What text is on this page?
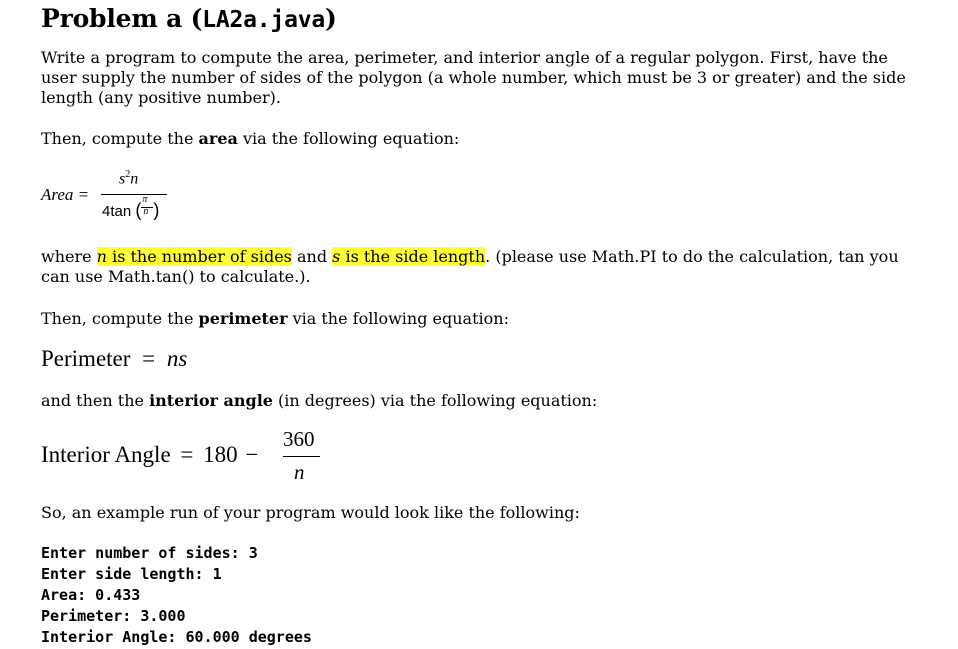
Problem a (LA2a.java)
Write a program to compute the area, perimeter, and interior angle of a regular polygon. First, have the user supply the number of sides of the polygon (a whole number, which must be 3 or greater) and the side length (any positive number).
Then, compute the area via the following equation:
Area =
$s^2n$
4tan ( $\frac{\pi}{n}$ )
where n is the number of sides and s is the side length. (please use Math.PI to do the calculation, tan you can use Math.tan() to calculate.).
Then, compute the perimeter via the following equation:
Perimeter = ns
and then the interior angle (in degrees) via the following equation:
Interior Angle = 180 −
360
n
So, an example run of your program would look like the following:
Enter number of sides: 3
Enter side length: 1
Area: 0.433
Perimeter: 3.000
Interior Angle: 60.000 degrees
